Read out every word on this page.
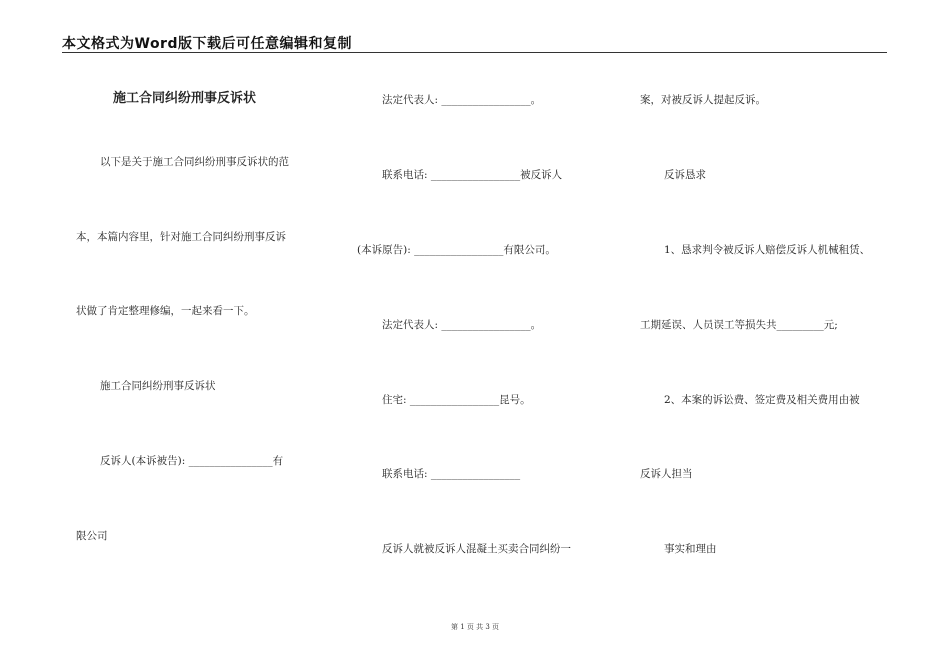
本文格式为Word版下载后可任意编辑和复制
施工合同纠纷刑事反诉状
以下是关于施工合同纠纷刑事反诉状的范
本，本篇内容里，针对施工合同纠纷刑事反诉
状做了肯定整理修编，一起来看一下。
施工合同纠纷刑事反诉状
反诉人(本诉被告): ________________有
限公司
法定代表人: _________________。
联系电话: _________________被反诉人
(本诉原告): _________________有限公司。
法定代表人: _________________。
住宅: _________________昆号。
联系电话: _________________
反诉人就被反诉人混凝土买卖合同纠纷一
案，对被反诉人提起反诉。
反诉恳求
1、恳求判令被反诉人赔偿反诉人机械租赁、
工期延误、人员误工等损失共_________元;
2、本案的诉讼费、签定费及相关费用由被
反诉人担当
事实和理由
第 1 页 共 3 页
